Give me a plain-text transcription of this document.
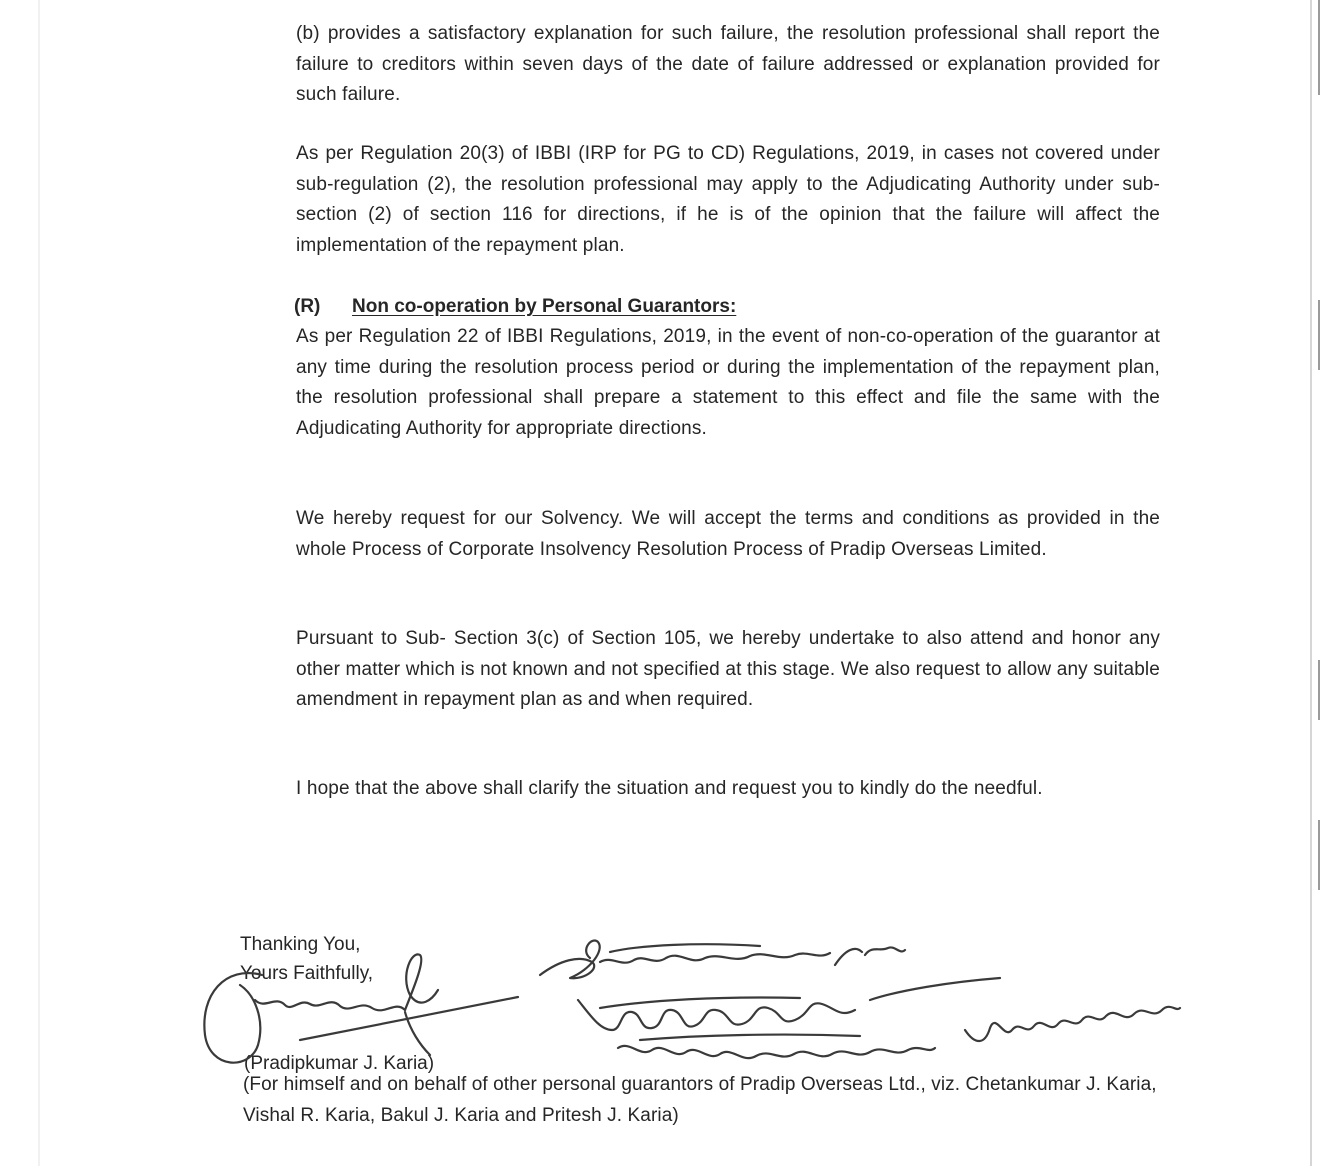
(b) provides a satisfactory explanation for such failure, the resolution professional shall report the failure to creditors within seven days of the date of failure addressed or explanation provided for such failure.

As per Regulation 20(3) of IBBI (IRP for PG to CD) Regulations, 2019, in cases not covered under sub-regulation (2), the resolution professional may apply to the Adjudicating Authority under sub-section (2) of section 116 for directions, if he is of the opinion that the failure will affect the implementation of the repayment plan.

(R) Non co-operation by Personal Guarantors:

As per Regulation 22 of IBBI Regulations, 2019, in the event of non-co-operation of the guarantor at any time during the resolution process period or during the implementation of the repayment plan, the resolution professional shall prepare a statement to this effect and file the same with the Adjudicating Authority for appropriate directions.

We hereby request for our Solvency. We will accept the terms and conditions as provided in the whole Process of Corporate Insolvency Resolution Process of Pradip Overseas Limited.

Pursuant to Sub- Section 3(c) of Section 105, we hereby undertake to also attend and honor any other matter which is not known and not specified at this stage. We also request to allow any suitable amendment in repayment plan as and when required.

I hope that the above shall clarify the situation and request you to kindly do the needful.

Thanking You,

Yours Faithfully,

(Pradipkumar J. Karia)

(For himself and on behalf of other personal guarantors of Pradip Overseas Ltd., viz. Chetankumar J. Karia, Vishal R. Karia, Bakul J. Karia and Pritesh J. Karia)
